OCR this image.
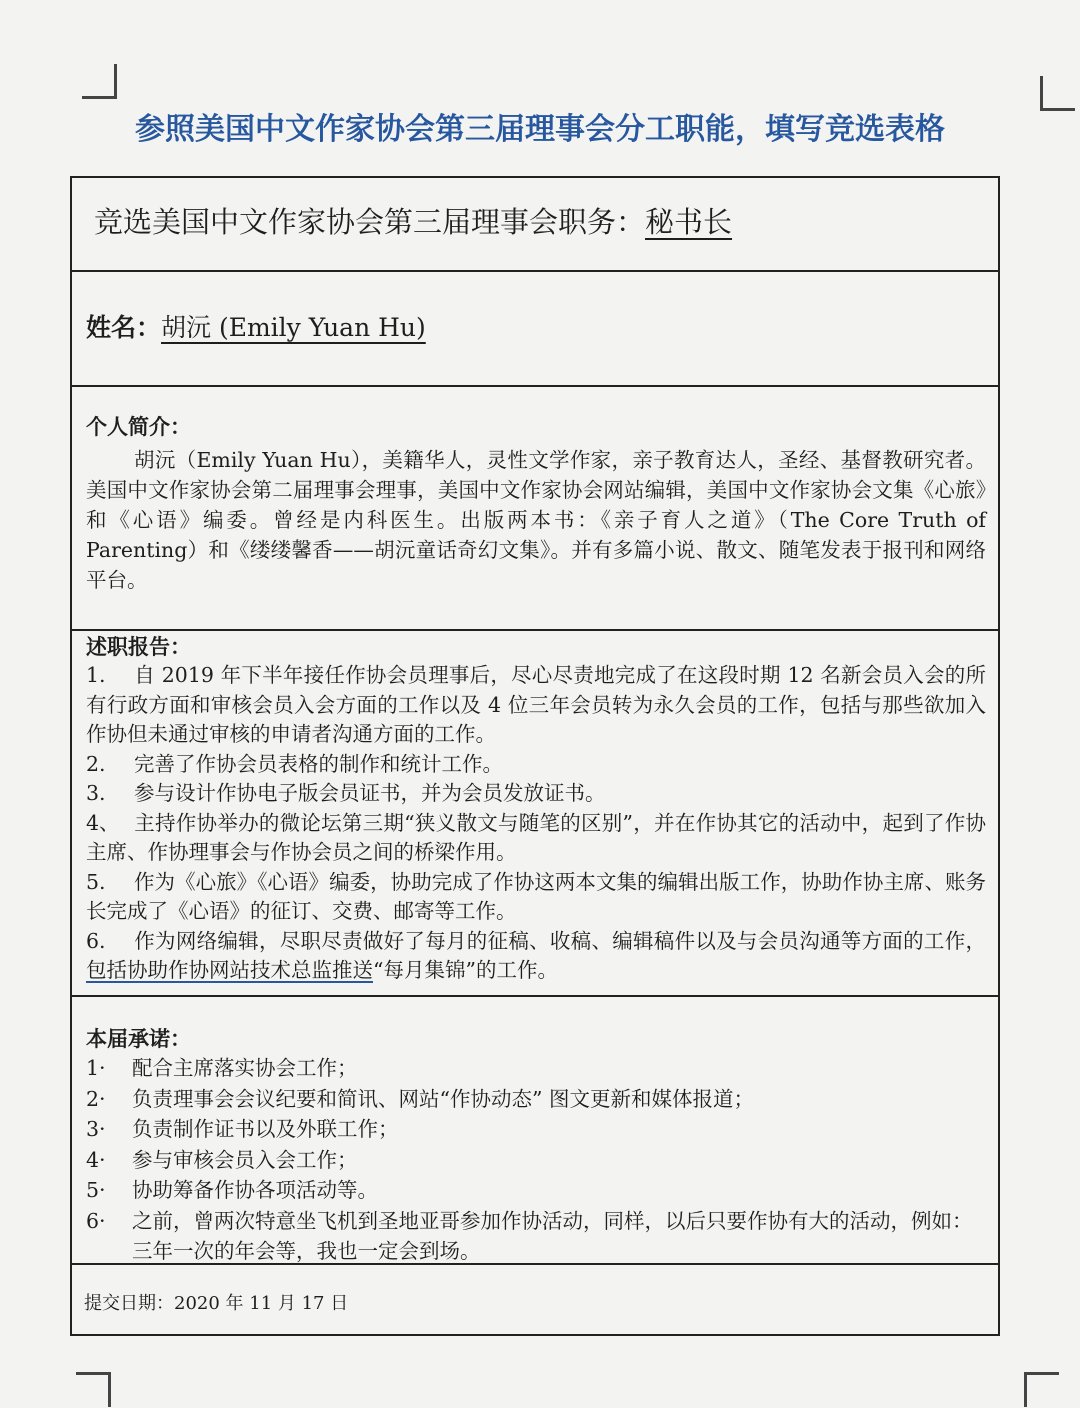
参照美国中文作家协会第三届理事会分工职能，填写竞选表格
竞选美国中文作家协会第三届理事会职务：秘书长
姓名：胡沅 (Emily Yuan Hu)
个人简介：
胡沅（Emily Yuan Hu），美籍华人，灵性文学作家，亲子教育达人，圣经、基督教研究者。美国中文作家协会第二届理事会理事，美国中文作家协会网站编辑，美国中文作家协会文集《心旅》和《心语》编委。曾经是内科医生。出版两本书：《亲子育人之道》（The Core Truth of Parenting）和《缕缕馨香——胡沅童话奇幻文集》。并有多篇小说、散文、随笔发表于报刊和网络平台。
述职报告：
1. 自 2019 年下半年接任作协会员理事后，尽心尽责地完成了在这段时期 12 名新会员入会的所有行政方面和审核会员入会方面的工作以及 4 位三年会员转为永久会员的工作，包括与那些欲加入作协但未通过审核的申请者沟通方面的工作。
2. 完善了作协会员表格的制作和统计工作。
3. 参与设计作协电子版会员证书，并为会员发放证书。
4、 主持作协举办的微论坛第三期“狭义散文与随笔的区别”，并在作协其它的活动中，起到了作协主席、作协理事会与作协会员之间的桥梁作用。
5. 作为《心旅》《心语》编委，协助完成了作协这两本文集的编辑出版工作，协助作协主席、账务长完成了《心语》的征订、交费、邮寄等工作。
6. 作为网络编辑，尽职尽责做好了每月的征稿、收稿、编辑稿件以及与会员沟通等方面的工作，包括协助作协网站技术总监推送“每月集锦”的工作。
本届承诺：
1·	配合主席落实协会工作；
2·	负责理事会会议纪要和简讯、网站“作协动态” 图文更新和媒体报道；
3·	负责制作证书以及外联工作；
4·	参与审核会员入会工作；
5·	协助筹备作协各项活动等。
6·	之前，曾两次特意坐飞机到圣地亚哥参加作协活动，同样，以后只要作协有大的活动，例如：三年一次的年会等，我也一定会到场。
提交日期：2020 年 11 月 17 日
